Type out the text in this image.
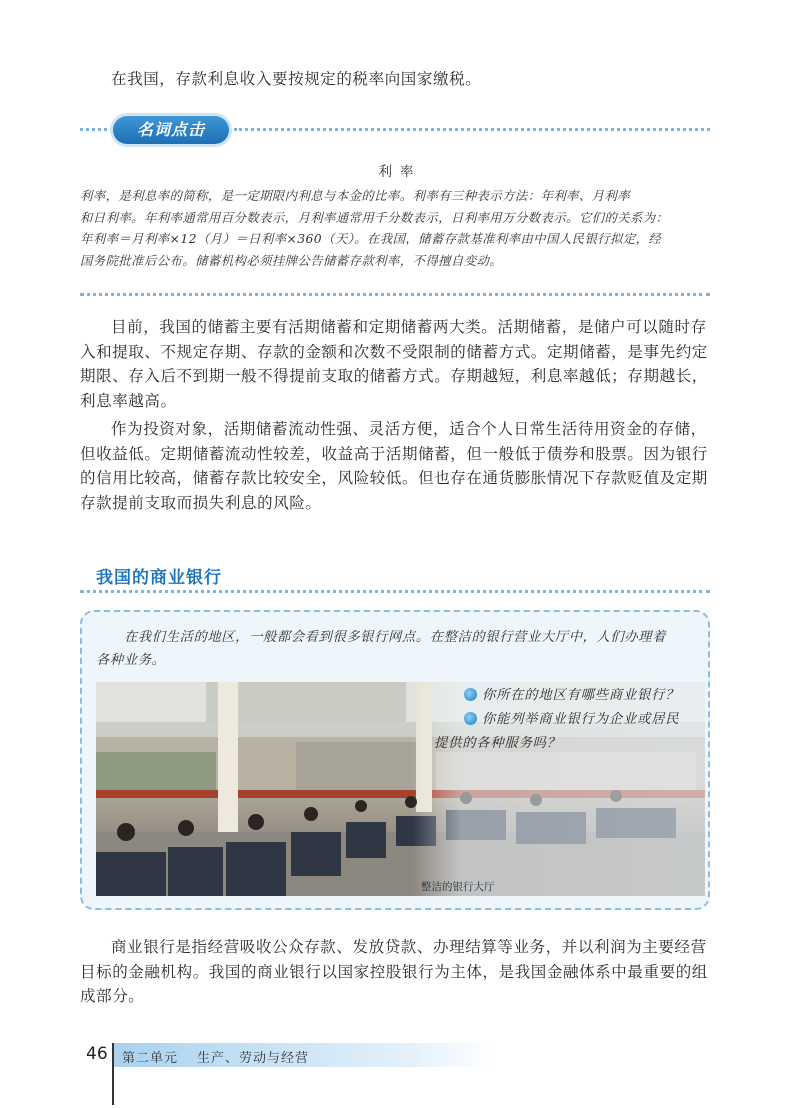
在我国，存款利息收入要按规定的税率向国家缴税。
名词点击
利率
利率，是利息率的简称，是一定期限内利息与本金的比率。利率有三种表示方法：年利率、月利率
和日利率。年利率通常用百分数表示，月利率通常用千分数表示，日利率用万分数表示。它们的关系为：
年利率＝月利率×12（月）＝日利率×360（天）。在我国，储蓄存款基准利率由中国人民银行拟定，经
国务院批准后公布。储蓄机构必须挂牌公告储蓄存款利率，不得擅自变动。
目前，我国的储蓄主要有活期储蓄和定期储蓄两大类。活期储蓄，是储户可以随时存
入和提取、不规定存期、存款的金额和次数不受限制的储蓄方式。定期储蓄，是事先约定
期限、存入后不到期一般不得提前支取的储蓄方式。存期越短，利息率越低；存期越长，
利息率越高。
作为投资对象，活期储蓄流动性强、灵活方便，适合个人日常生活待用资金的存储，
但收益低。定期储蓄流动性较差，收益高于活期储蓄，但一般低于债券和股票。因为银行
的信用比较高，储蓄存款比较安全，风险较低。但也存在通货膨胀情况下存款贬值及定期
存款提前支取而损失利息的风险。
我国的商业银行
在我们生活的地区，一般都会看到很多银行网点。在整洁的银行营业大厅中，人们办理着
各种业务。
你所在的地区有哪些商业银行？
你能列举商业银行为企业或居民
提供的各种服务吗？
整洁的银行大厅
商业银行是指经营吸收公众存款、发放贷款、办理结算等业务，并以利润为主要经营
目标的金融机构。我国的商业银行以国家控股银行为主体，是我国金融体系中最重要的组
成部分。
46 第二单元 生产、劳动与经营
